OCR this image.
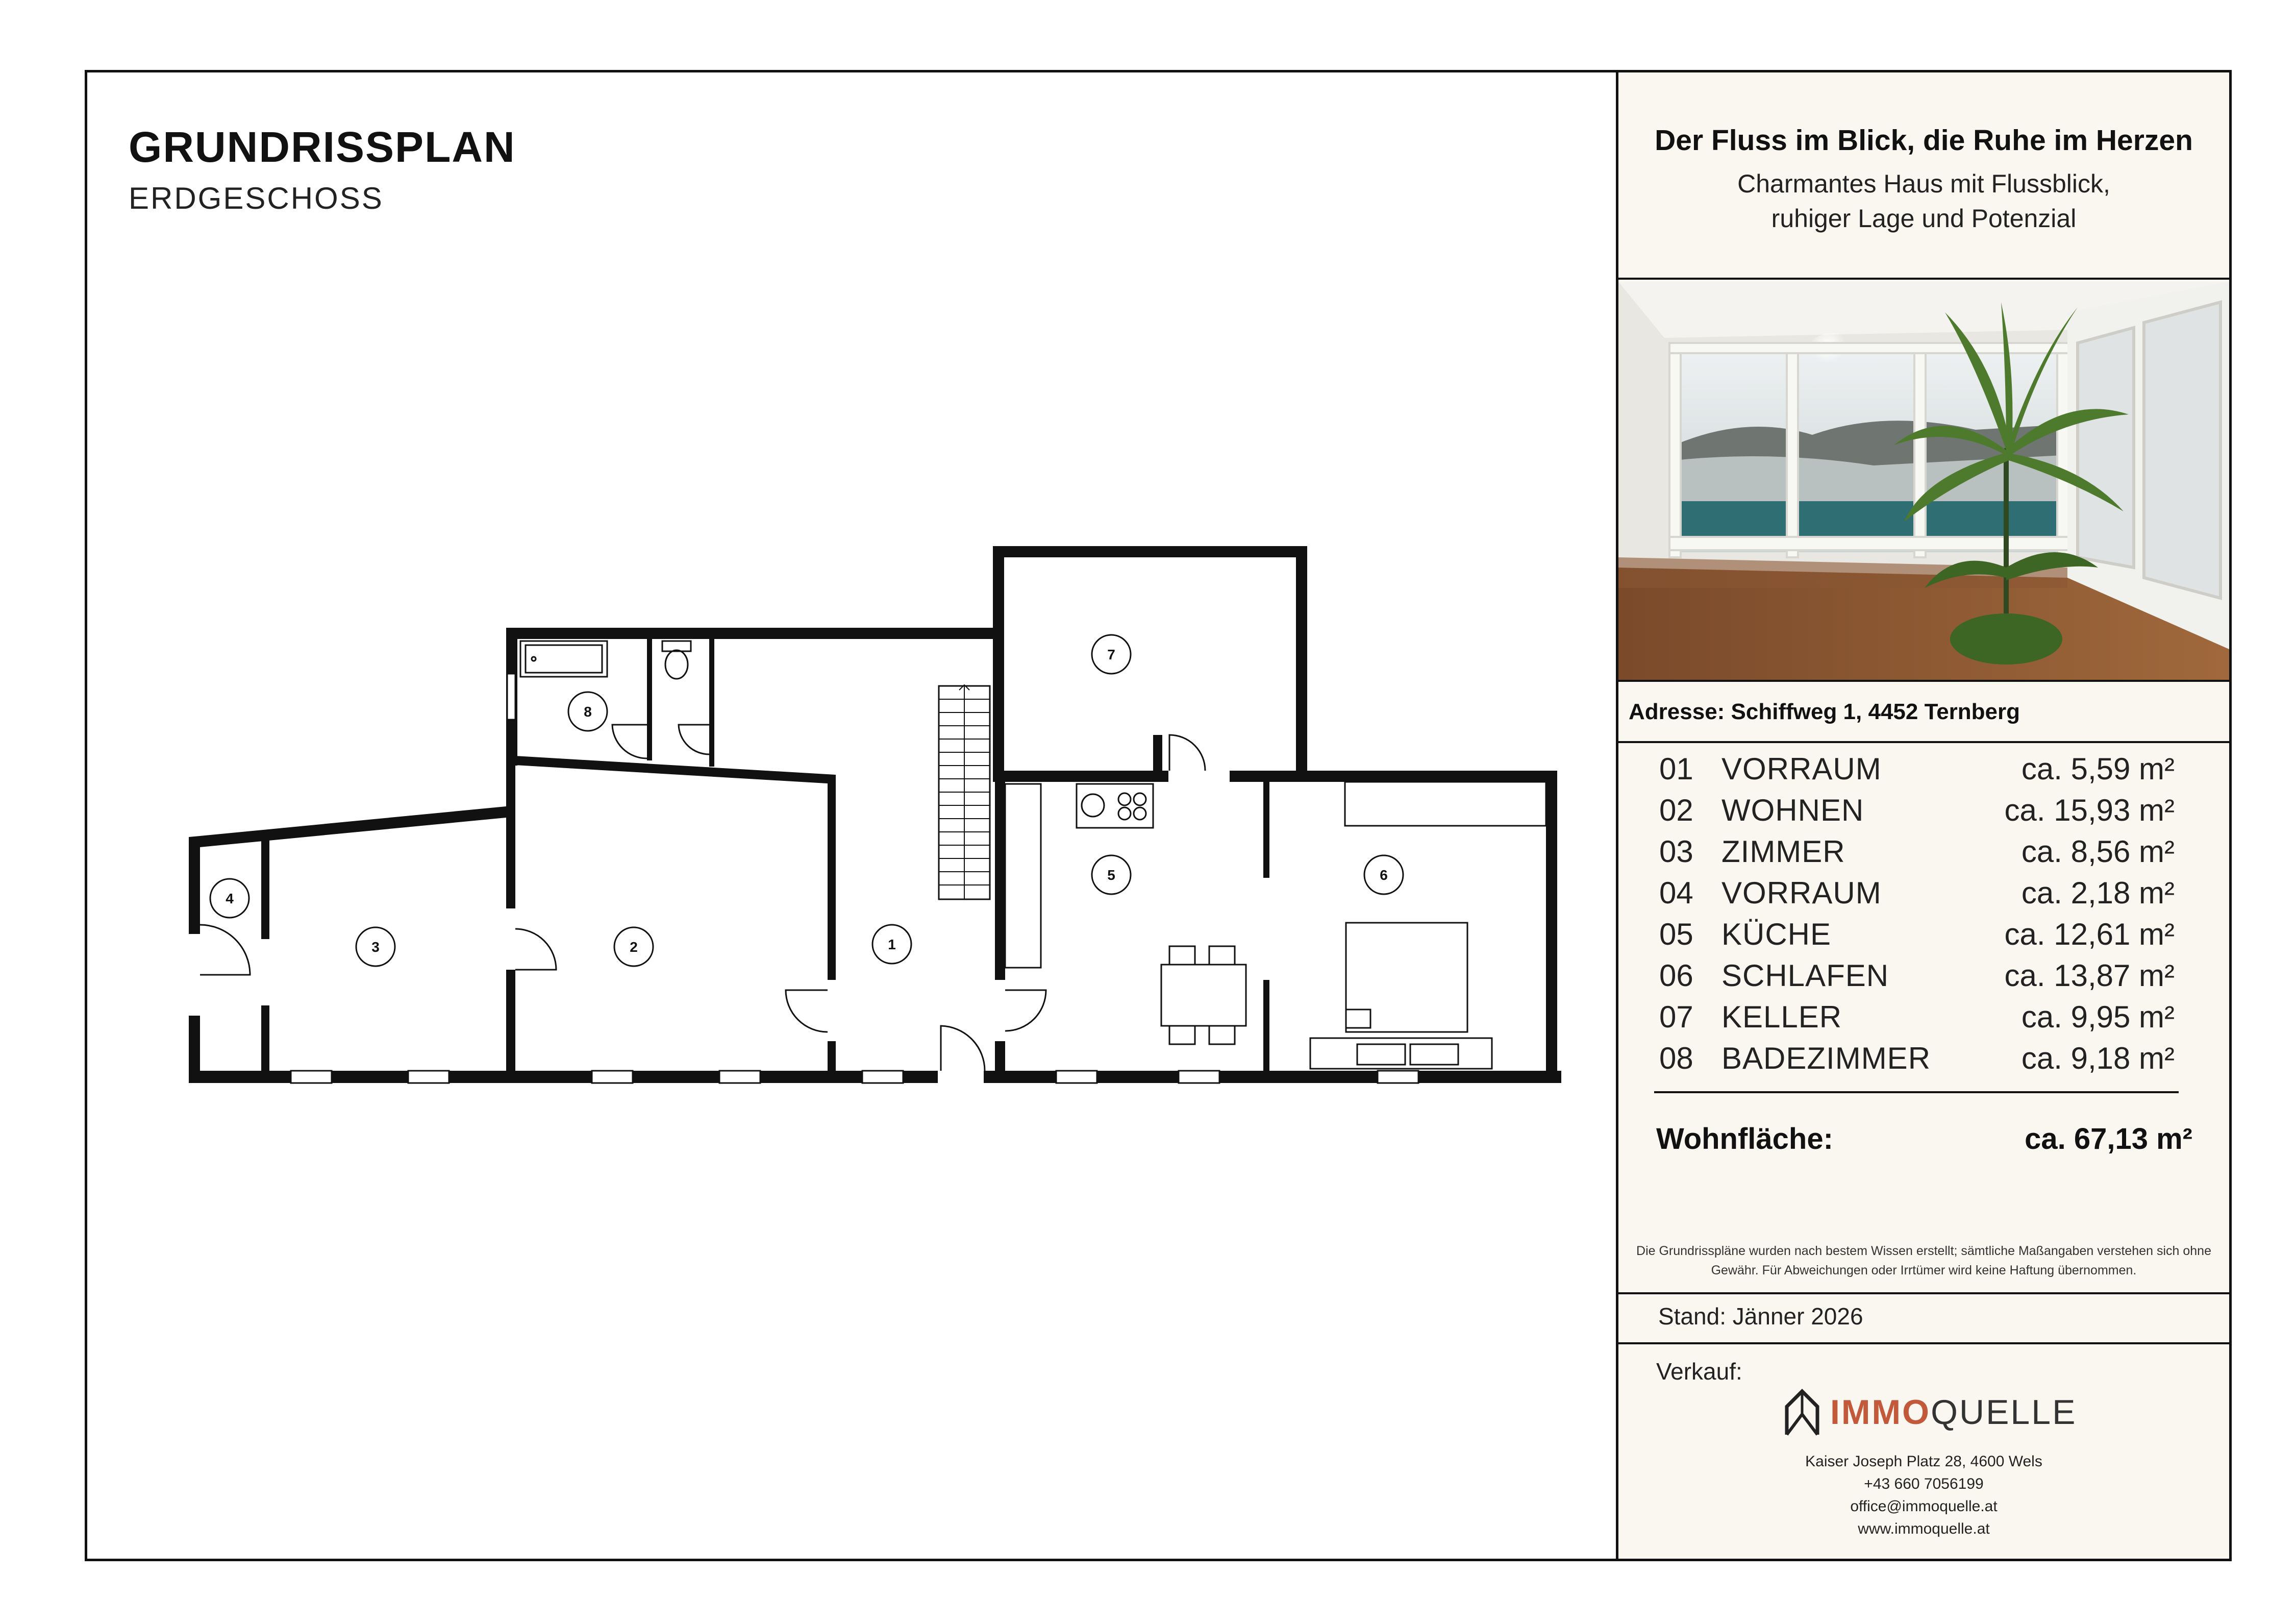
GRUNDRISSPLAN
ERDGESCHOSS
1
2
3
4
5	6
7
8
Der Fluss im Blick, die Ruhe im Herzen
Charmantes Haus mit Flussblick, ruhiger Lage und Potenzial
Adresse: Schiffweg 1, 4452 Ternberg
01 VORRAUM	ca. 5,59 m²
02 WOHNEN	ca. 15,93 m²
03 ZIMMER	ca. 8,56 m²
04 VORRAUM	ca. 2,18 m²
05 KÜCHE	ca. 12,61 m²
06 SCHLAFEN	ca. 13,87 m²
07 KELLER	ca. 9,95 m²
08 BADEZIMMER	ca. 9,18 m²
Wohnfläche:	ca. 67,13 m²
Die Grundrisspläne wurden nach bestem Wissen erstellt; sämtliche Maßangaben verstehen sich ohne Gewähr. Für Abweichungen oder Irrtümer wird keine Haftung übernommen.
Stand: Jänner 2026
Verkauf:
IMMOQUELLE
Kaiser Joseph Platz 28, 4600 Wels
+43 660 7056199
office@immoquelle.at
www.immoquelle.at
